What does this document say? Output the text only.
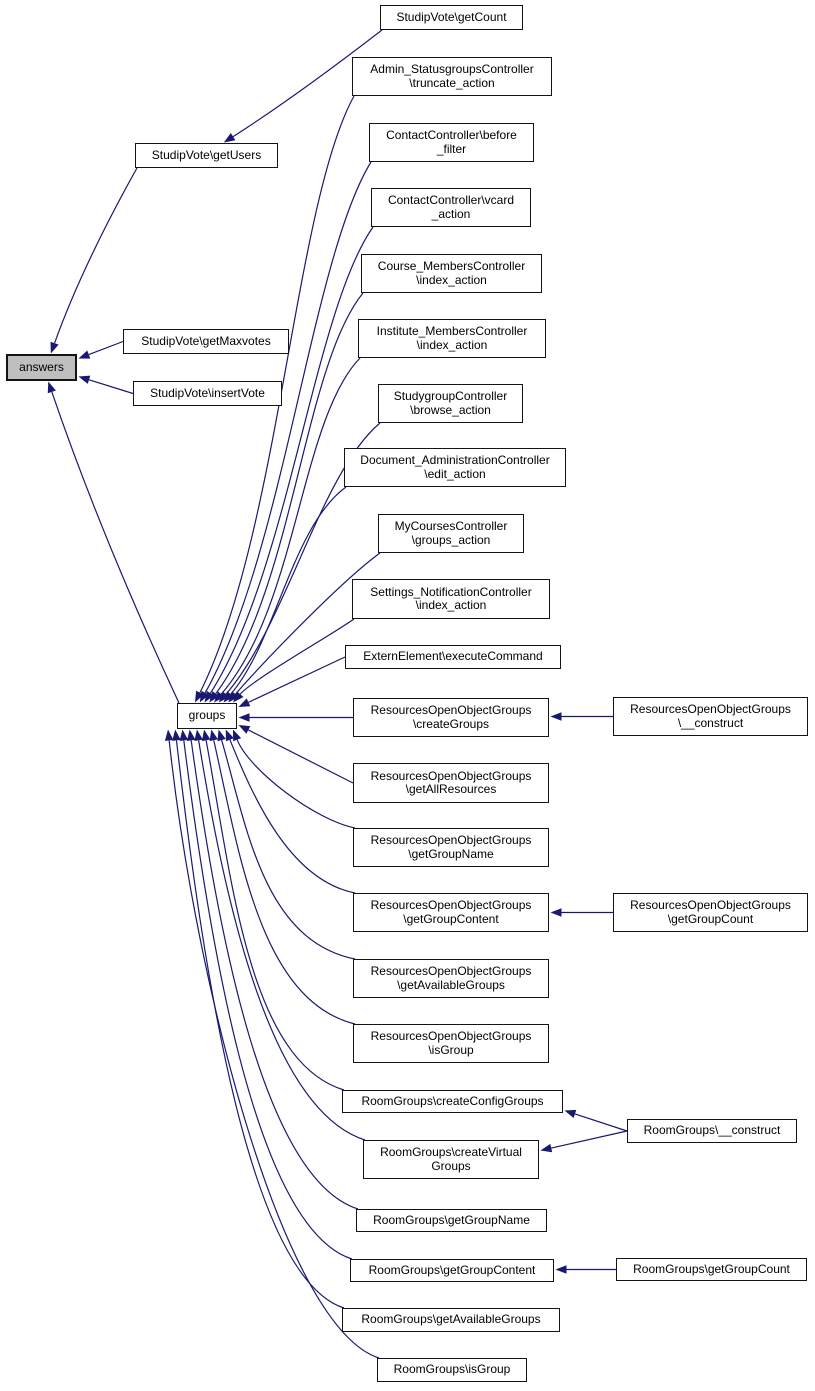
answers
StudipVote\getUsers
StudipVote\getMaxvotes
StudipVote\insertVote
groups
StudipVote\getCount
Admin_StatusgroupsController
\truncate_action
ContactController\before
_filter
ContactController\vcard
_action
Course_MembersController
\index_action
Institute_MembersController
\index_action
StudygroupController
\browse_action
Document_AdministrationController
\edit_action
MyCoursesController
\groups_action
Settings_NotificationController
\index_action
ExternElement\executeCommand
ResourcesOpenObjectGroups
\createGroups
ResourcesOpenObjectGroups
\getAllResources
ResourcesOpenObjectGroups
\getGroupName
ResourcesOpenObjectGroups
\getGroupContent
ResourcesOpenObjectGroups
\getAvailableGroups
ResourcesOpenObjectGroups
\isGroup
RoomGroups\createConfigGroups
RoomGroups\createVirtual
Groups
RoomGroups\getGroupName
RoomGroups\getGroupContent
RoomGroups\getAvailableGroups
RoomGroups\isGroup
ResourcesOpenObjectGroups
\__construct
ResourcesOpenObjectGroups
\getGroupCount
RoomGroups\__construct
RoomGroups\getGroupCount
